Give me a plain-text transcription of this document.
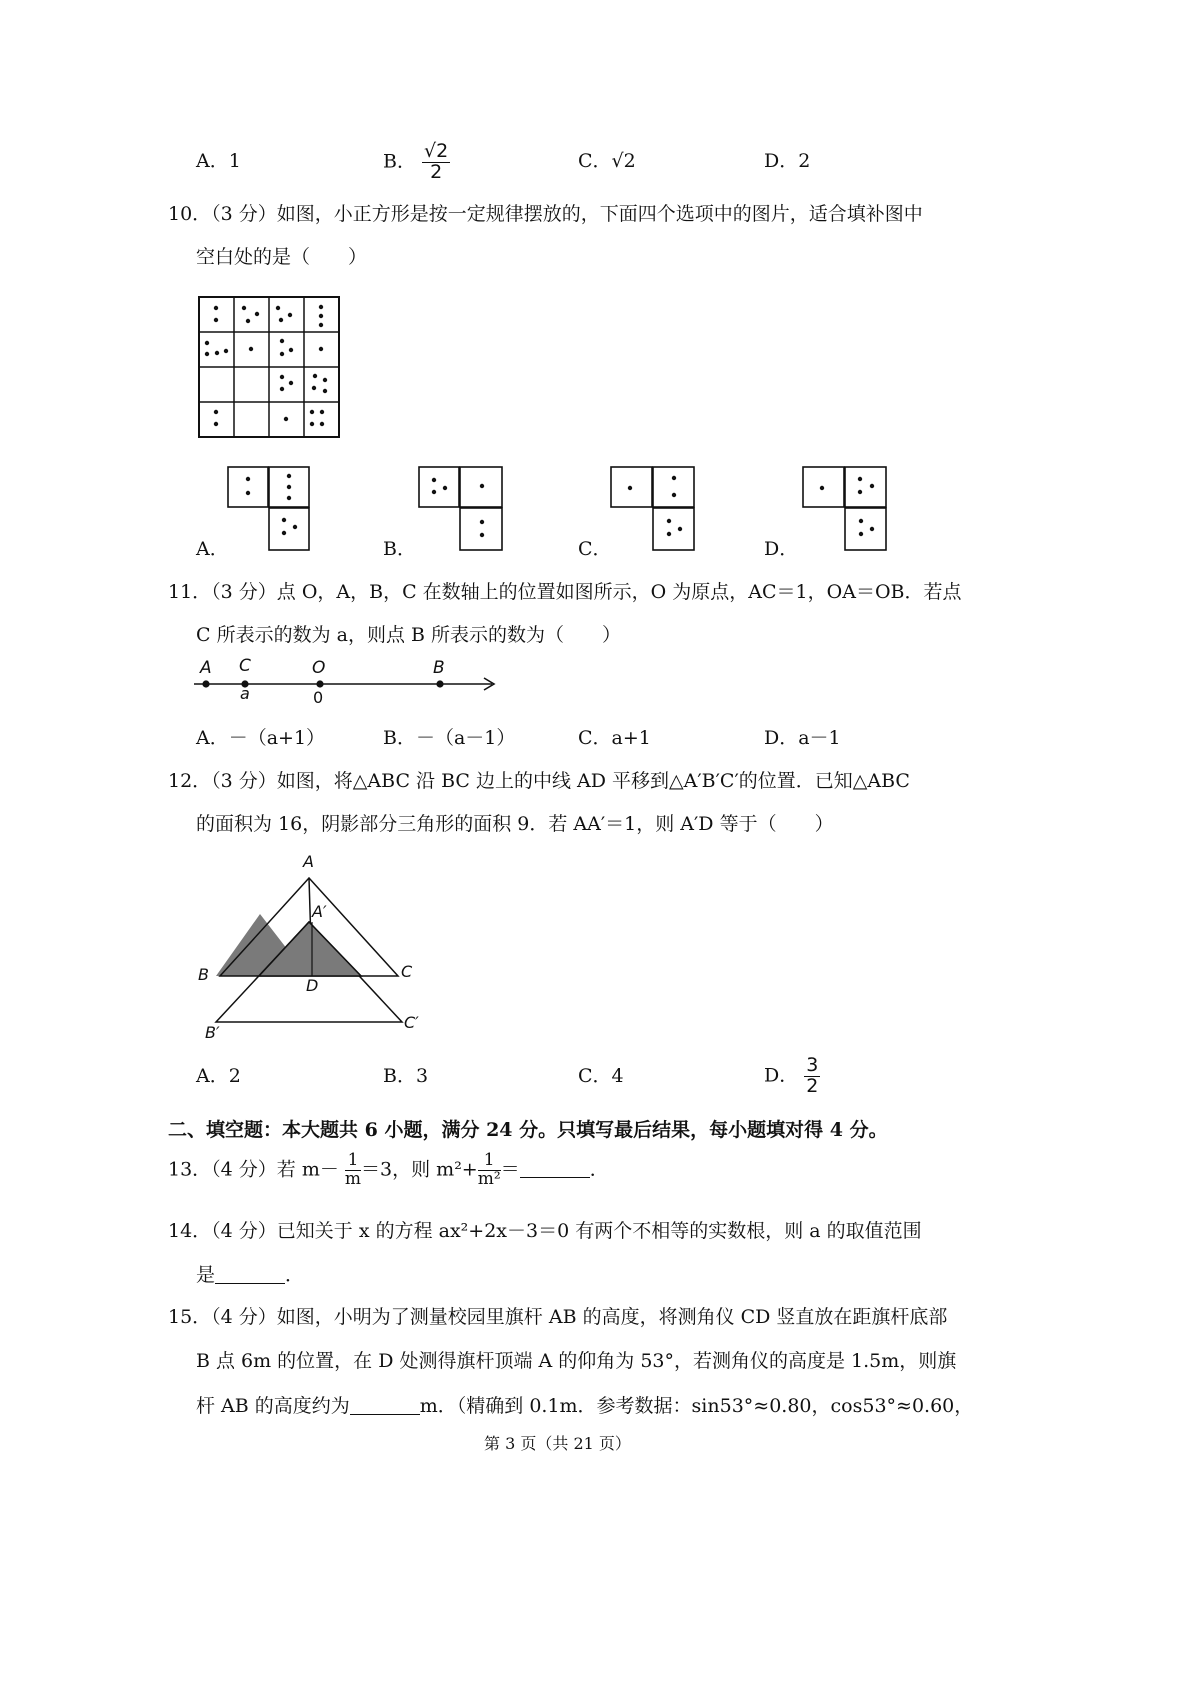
A．1	B． $\frac{√2}{2}$	C．√2	D．2
10．（3 分）如图，小正方形是按一定规律摆放的，下面四个选项中的图片，适合填补图中
空白处的是（　　）
A．	B．	C．	D．
11．（3 分）点 O，A，B，C 在数轴上的位置如图所示，O 为原点，AC＝1，OA＝OB．若点
C 所表示的数为 a，则点 B 所表示的数为（　　）
A C	O	B
a	0
A．－（a+1）	B．－（a－1）	C．a+1	D．a－1
12．（3 分）如图，将△ABC 沿 BC 边上的中线 AD 平移到△A′B′C′的位置．已知△ABC
的面积为 16，阴影部分三角形的面积 9．若 AA′＝1，则 A′D 等于（　　）
A
A′
B	C
D
B′
C′
A．2	B．3	C．4	D． $\frac{3}{2}$
二、填空题：本大题共 6 小题，满分 24 分。只填写最后结果，每小题填对得 4 分。
13．（4 分）若 $m- \frac{1}{m} =3$，则 $m^2+ \frac{1}{\text{m²}}$ ＝	．
14．（4 分）已知关于 x 的方程 ax²+2x－3＝0 有两个不相等的实数根，则 a 的取值范围
是	．
15．（4 分）如图，小明为了测量校园里旗杆 AB 的高度，将测角仪 CD 竖直放在距旗杆底部
B 点 6m 的位置，在 D 处测得旗杆顶端 A 的仰角为 53°，若测角仪的高度是 1.5m，则旗
杆 AB 的高度约为	m．（精确到 0.1m．参考数据：sin53°≈0.80，cos53°≈0.60，
第 3 页（共 21 页）
